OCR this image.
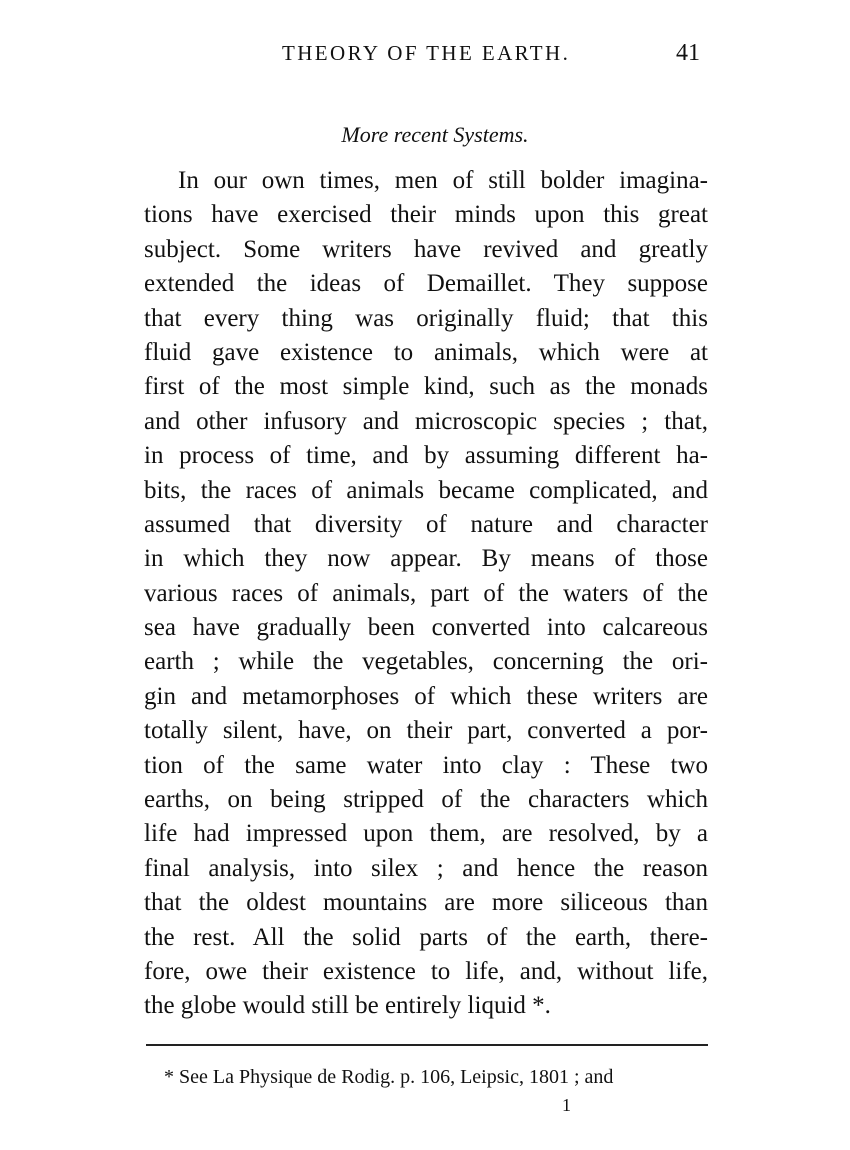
THEORY OF THE EARTH.	41
More recent Systems.
In our own times, men of still bolder imagina-
tions have exercised their minds upon this great
subject. Some writers have revived and greatly
extended the ideas of Demaillet. They suppose
that every thing was originally fluid; that this
fluid gave existence to animals, which were at
first of the most simple kind, such as the monads
and other infusory and microscopic species ; that,
in process of time, and by assuming different ha-
bits, the races of animals became complicated, and
assumed that diversity of nature and character
in which they now appear. By means of those
various races of animals, part of the waters of the
sea have gradually been converted into calcareous
earth ; while the vegetables, concerning the ori-
gin and metamorphoses of which these writers are
totally silent, have, on their part, converted a por-
tion of the same water into clay : These two
earths, on being stripped of the characters which
life had impressed upon them, are resolved, by a
final analysis, into silex ; and hence the reason
that the oldest mountains are more siliceous than
the rest. All the solid parts of the earth, there-
fore, owe their existence to life, and, without life,
the globe would still be entirely liquid *.
* See La Physique de Rodig. p. 106, Leipsic, 1801 ; and
1
